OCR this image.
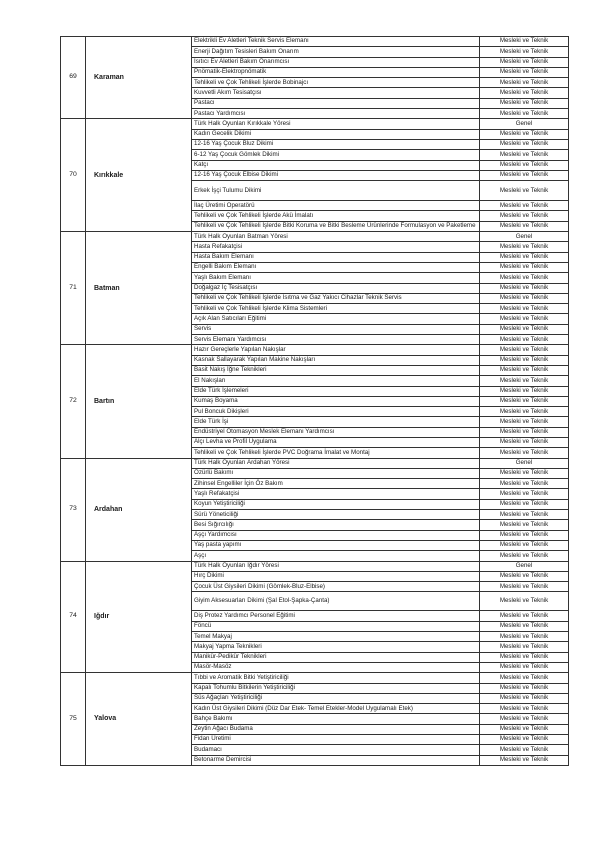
69	Karaman	Elektrikli Ev Aletleri Teknik Servis Elemanı	Mesleki ve Teknik
		Enerji Dağıtım Tesisleri Bakım Onarım	Mesleki ve Teknik
		Isıtıcı Ev Aletleri Bakım Onarımcısı	Mesleki ve Teknik
		Pnömatik-Elektropnömatik	Mesleki ve Teknik
		Tehlikeli ve Çok Tehlikeli İşlerde Bobinajcı	Mesleki ve Teknik
		Kuvvetli Akım Tesisatçısı	Mesleki ve Teknik
		Pastacı	Mesleki ve Teknik
		Pastacı Yardımcısı	Mesleki ve Teknik
70	Kırıkkale	Türk Halk Oyunları Kırıkkale Yöresi	Genel
		Kadın Gecelik Dikimi	Mesleki ve Teknik
		12-16 Yaş Çocuk Bluz Dikimi	Mesleki ve Teknik
		6-12 Yaş Çocuk Gömlek Dikimi	Mesleki ve Teknik
		Katçı	Mesleki ve Teknik
		12-16 Yaş Çocuk Elbise Dikimi	Mesleki ve Teknik
		Erkek İşçi Tulumu Dikimi	Mesleki ve Teknik
		İlaç Üretimi Operatörü	Mesleki ve Teknik
		Tehlikeli ve Çok Tehlikeli İşlerde Akü İmalatı	Mesleki ve Teknik
		Tehlikeli ve Çok Tehlikeli İşlerde Bitki Koruma ve Bitki Besleme Ürünlerinde Formulasyon ve Paketleme	Mesleki ve Teknik
71	Batman	Türk Halk Oyunları Batman Yöresi	Genel
		Hasta Refakatçisi	Mesleki ve Teknik
		Hasta Bakım Elemanı	Mesleki ve Teknik
		Engelli Bakım Elemanı	Mesleki ve Teknik
		Yaşlı Bakım Elemanı	Mesleki ve Teknik
		Doğalgaz İç Tesisatçısı	Mesleki ve Teknik
		Tehlikeli ve Çok Tehlikeli İşlerde Isıtma ve Gaz Yakıcı Cihazlar Teknik Servis	Mesleki ve Teknik
		Tehlikeli ve Çok Tehlikeli İşlerde Klima Sistemleri	Mesleki ve Teknik
		Açık Alan Satıcıları Eğitimi	Mesleki ve Teknik
		Servis	Mesleki ve Teknik
		Servis Elemanı Yardımcısı	Mesleki ve Teknik
72	Bartın	Hazır Gereçlerle Yapılan Nakışlar	Mesleki ve Teknik
		Kasnak Sallayarak Yapılan Makine Nakışları	Mesleki ve Teknik
		Basit Nakış İğne Teknikleri	Mesleki ve Teknik
		El Nakışları	Mesleki ve Teknik
		Elde Türk İşlemeleri	Mesleki ve Teknik
		Kumaş Boyama	Mesleki ve Teknik
		Pul Boncuk Dikişleri	Mesleki ve Teknik
		Elde Türk İşi	Mesleki ve Teknik
		Endüstriyel Otomasyon Meslek Elemanı Yardımcısı	Mesleki ve Teknik
		Alçı Levha ve Profil Uygulama	Mesleki ve Teknik
		Tehlikeli ve Çok Tehlikeli İşlerde PVC Doğrama İmalat ve Montaj	Mesleki ve Teknik
73	Ardahan	Türk Halk Oyunları Ardahan Yöresi	Genel
		Özürlü Bakımı	Mesleki ve Teknik
		Zihinsel Engelliler İçin Öz Bakım	Mesleki ve Teknik
		Yaşlı Refakatçisi	Mesleki ve Teknik
		Koyun Yetiştiriciliği	Mesleki ve Teknik
		Sürü Yöneticiliği	Mesleki ve Teknik
		Besi Sığırcılığı	Mesleki ve Teknik
		Aşçı Yardımcısı	Mesleki ve Teknik
		Yaş pasta yapımı	Mesleki ve Teknik
		Aşçı	Mesleki ve Teknik
74	Iğdır	Türk Halk Oyunları Iğdır Yöresi	Genel
		Hırç Dikimi	Mesleki ve Teknik
		Çocuk Üst Giysileri Dikimi (Gömlek-Bluz-Elbise)	Mesleki ve Teknik
		Giyim Aksesuarları Dikimi (Şal Etol-Şapka-Çanta)	Mesleki ve Teknik
		Diş Protez Yardımcı Personel Eğitimi	Mesleki ve Teknik
		Föncü	Mesleki ve Teknik
		Temel Makyaj	Mesleki ve Teknik
		Makyaj Yapma Teknikleri	Mesleki ve Teknik
		Manikür-Pedikür Teknikleri	Mesleki ve Teknik
		Masör-Masöz	Mesleki ve Teknik
75	Yalova	Tıbbi ve Aromatik Bitki Yetiştiriciliği	Mesleki ve Teknik
		Kapalı Tohumlu Bitkilerin Yetiştiriciliği	Mesleki ve Teknik
		Süs Ağaçları Yetiştiriciliği	Mesleki ve Teknik
		Kadın Üst Giysileri Dikimi (Düz Dar Etek- Temel Etekler-Model Uygulamalı Etek)	Mesleki ve Teknik
		Bahçe Bakımı	Mesleki ve Teknik
		Zeytin Ağacı Budama	Mesleki ve Teknik
		Fidan Üretimi	Mesleki ve Teknik
		Budamacı	Mesleki ve Teknik
		Betonarme Demircisi	Mesleki ve Teknik
